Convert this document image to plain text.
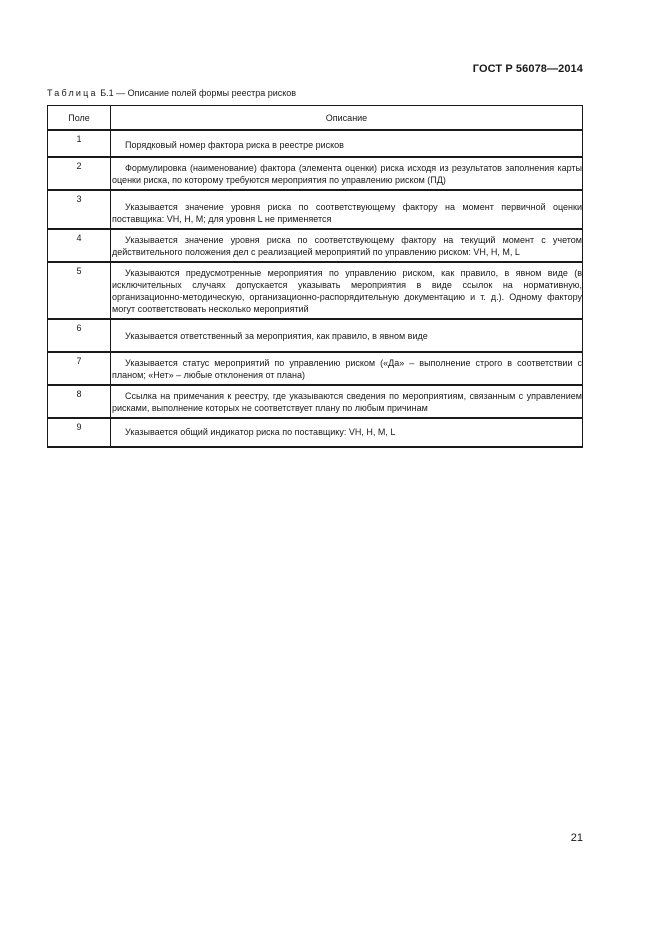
ГОСТ Р 56078—2014
Таблица Б.1 — Описание полей формы реестра рисков
Поле	Описание
1	Порядковый номер фактора риска в реестре рисков
2	Формулировка (наименование) фактора (элемента оценки) риска исходя из результатов заполнения карты оценки риска, по которому требуются мероприятия по управлению риском (ПД)
3	Указывается значение уровня риска по соответствующему фактору на момент первичной оценки поставщика: VH, H, M; для уровня L не применяется
4	Указывается значение уровня риска по соответствующему фактору на текущий момент с учетом действительного положения дел с реализацией мероприятий по управлению риском: VH, H, M, L
5	Указываются предусмотренные мероприятия по управлению риском, как правило, в явном виде (в исключительных случаях допускается указывать мероприятия в виде ссылок на нормативную, организационно-методическую, организационно-распорядительную документацию и т. д.). Одному фактору могут соответствовать несколько мероприятий
6	Указывается ответственный за мероприятия, как правило, в явном виде
7	Указывается статус мероприятий по управлению риском («Да» – выполнение строго в соответствии с планом; «Нет» – любые отклонения от плана)
8	Ссылка на примечания к реестру, где указываются сведения по мероприятиям, связанным с управлением рисками, выполнение которых не соответствует плану по любым причинам
9	Указывается общий индикатор риска по поставщику: VH, H, M, L
21
